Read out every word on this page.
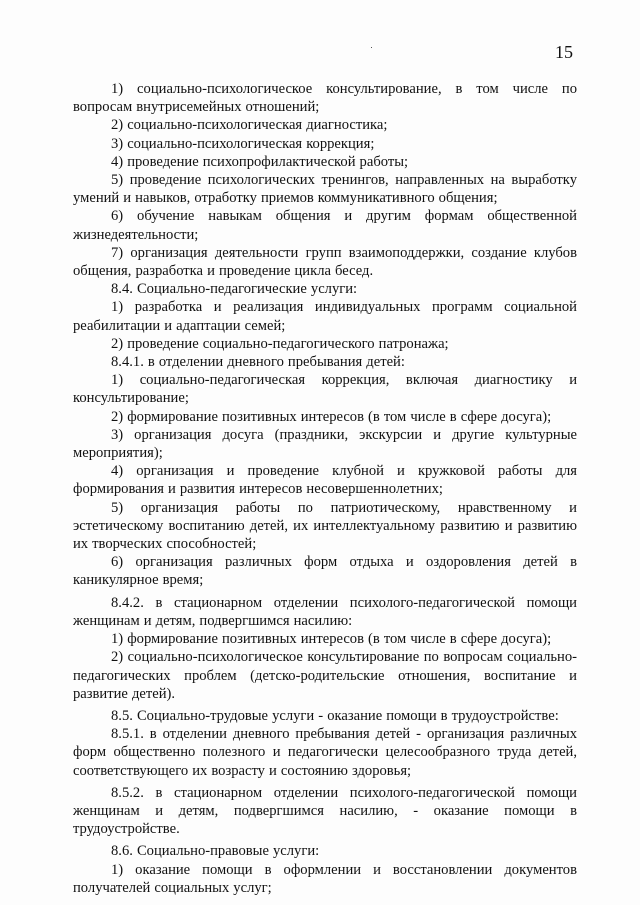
15

1) социально-психологическое консультирование, в том числе по вопросам внутрисемейных отношений;

2) социально-психологическая диагностика;

3) социально-психологическая коррекция;

4) проведение психопрофилактической работы;

5) проведение психологических тренингов, направленных на выработку умений и навыков, отработку приемов коммуникативного общения;

6) обучение навыкам общения и другим формам общественной жизнедеятельности;

7) организация деятельности групп взаимоподдержки, создание клубов общения, разработка и проведение цикла бесед.

8.4. Социально-педагогические услуги:

1) разработка и реализация индивидуальных программ социальной реабилитации и адаптации семей;

2) проведение социально-педагогического патронажа;

8.4.1. в отделении дневного пребывания детей:

1) социально-педагогическая коррекция, включая диагностику и консультирование;

2) формирование позитивных интересов (в том числе в сфере досуга);

3) организация досуга (праздники, экскурсии и другие культурные мероприятия);

4) организация и проведение клубной и кружковой работы для формирования и развития интересов несовершеннолетних;

5) организация работы по патриотическому, нравственному и эстетическому воспитанию детей, их интеллектуальному развитию и развитию их творческих способностей;

6) организация различных форм отдыха и оздоровления детей в каникулярное время;

8.4.2. в стационарном отделении психолого-педагогической помощи женщинам и детям, подвергшимся насилию:

1) формирование позитивных интересов (в том числе в сфере досуга);

2) социально-психологическое консультирование по вопросам социально-педагогических проблем (детско-родительские отношения, воспитание и развитие детей).

8.5. Социально-трудовые услуги - оказание помощи в трудоустройстве:

8.5.1. в отделении дневного пребывания детей - организация различных форм общественно полезного и педагогически целесообразного труда детей, соответствующего их возрасту и состоянию здоровья;

8.5.2. в стационарном отделении психолого-педагогической помощи женщинам и детям, подвергшимся насилию, - оказание помощи в трудоустройстве.

8.6. Социально-правовые услуги:

1) оказание помощи в оформлении и восстановлении документов получателей социальных услуг;
